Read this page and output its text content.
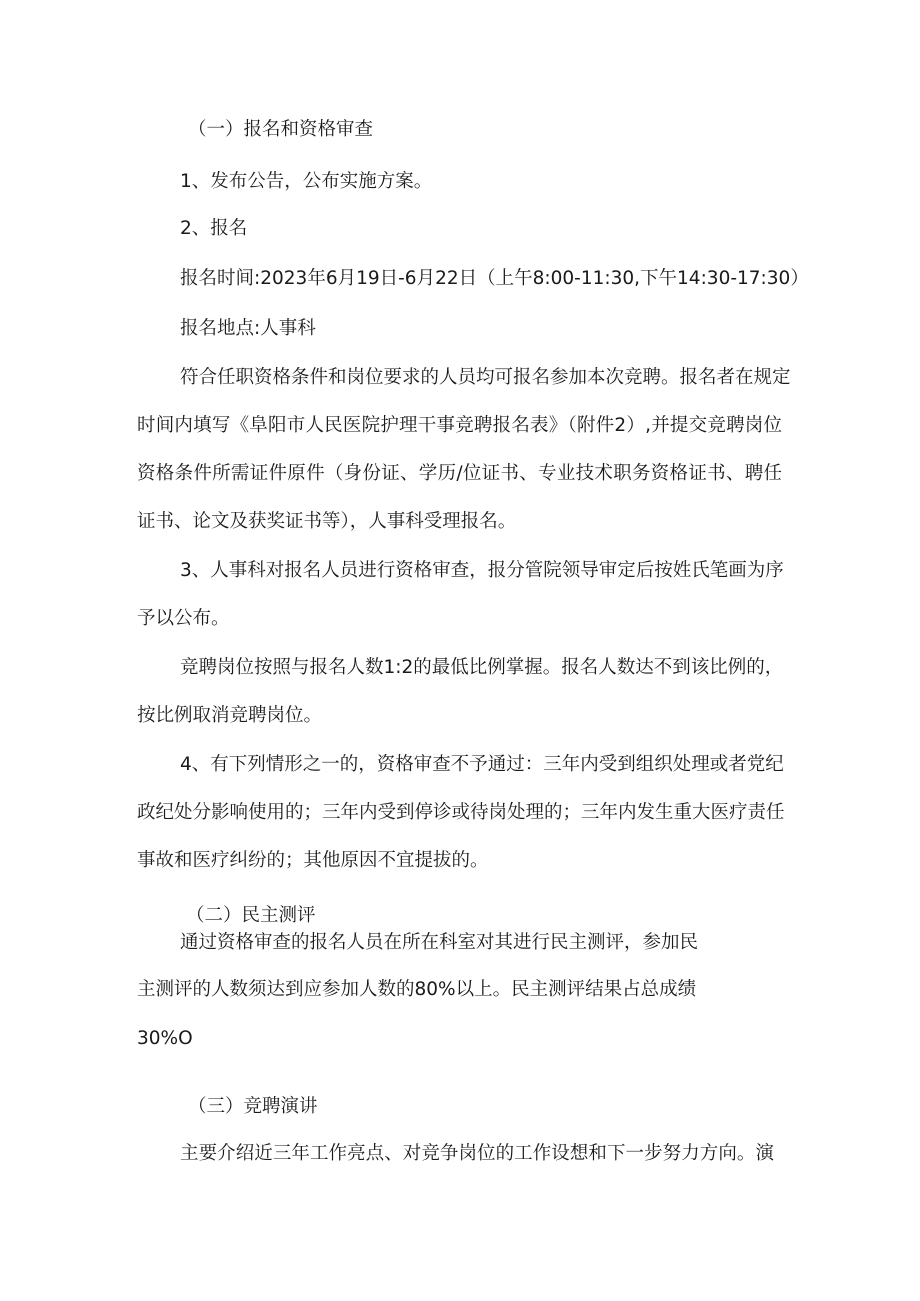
（一）报名和资格审查

1、发布公告，公布实施方案。

2、报名

报名时间:2023年6月19日-6月22日（上午8:00-11:30,下午14:30-17:30）

报名地点:人事科

符合任职资格条件和岗位要求的人员均可报名参加本次竞聘。报名者在规定

时间内填写《阜阳市人民医院护理干事竞聘报名表》（附件2）,并提交竞聘岗位

资格条件所需证件原件（身份证、学历/位证书、专业技术职务资格证书、聘任

证书、论文及获奖证书等），人事科受理报名。

3、人事科对报名人员进行资格审查，报分管院领导审定后按姓氏笔画为序

予以公布。

竞聘岗位按照与报名人数1:2的最低比例掌握。报名人数达不到该比例的，

按比例取消竞聘岗位。

4、有下列情形之一的，资格审查不予通过：三年内受到组织处理或者党纪

政纪处分影响使用的；三年内受到停诊或待岗处理的；三年内发生重大医疗责任

事故和医疗纠纷的；其他原因不宜提拔的。

（二）民主测评

通过资格审查的报名人员在所在科室对其进行民主测评，参加民

主测评的人数须达到应参加人数的80%以上。民主测评结果占总成绩

30%O

（三）竞聘演讲

主要介绍近三年工作亮点、对竞争岗位的工作设想和下一步努力方向。演
